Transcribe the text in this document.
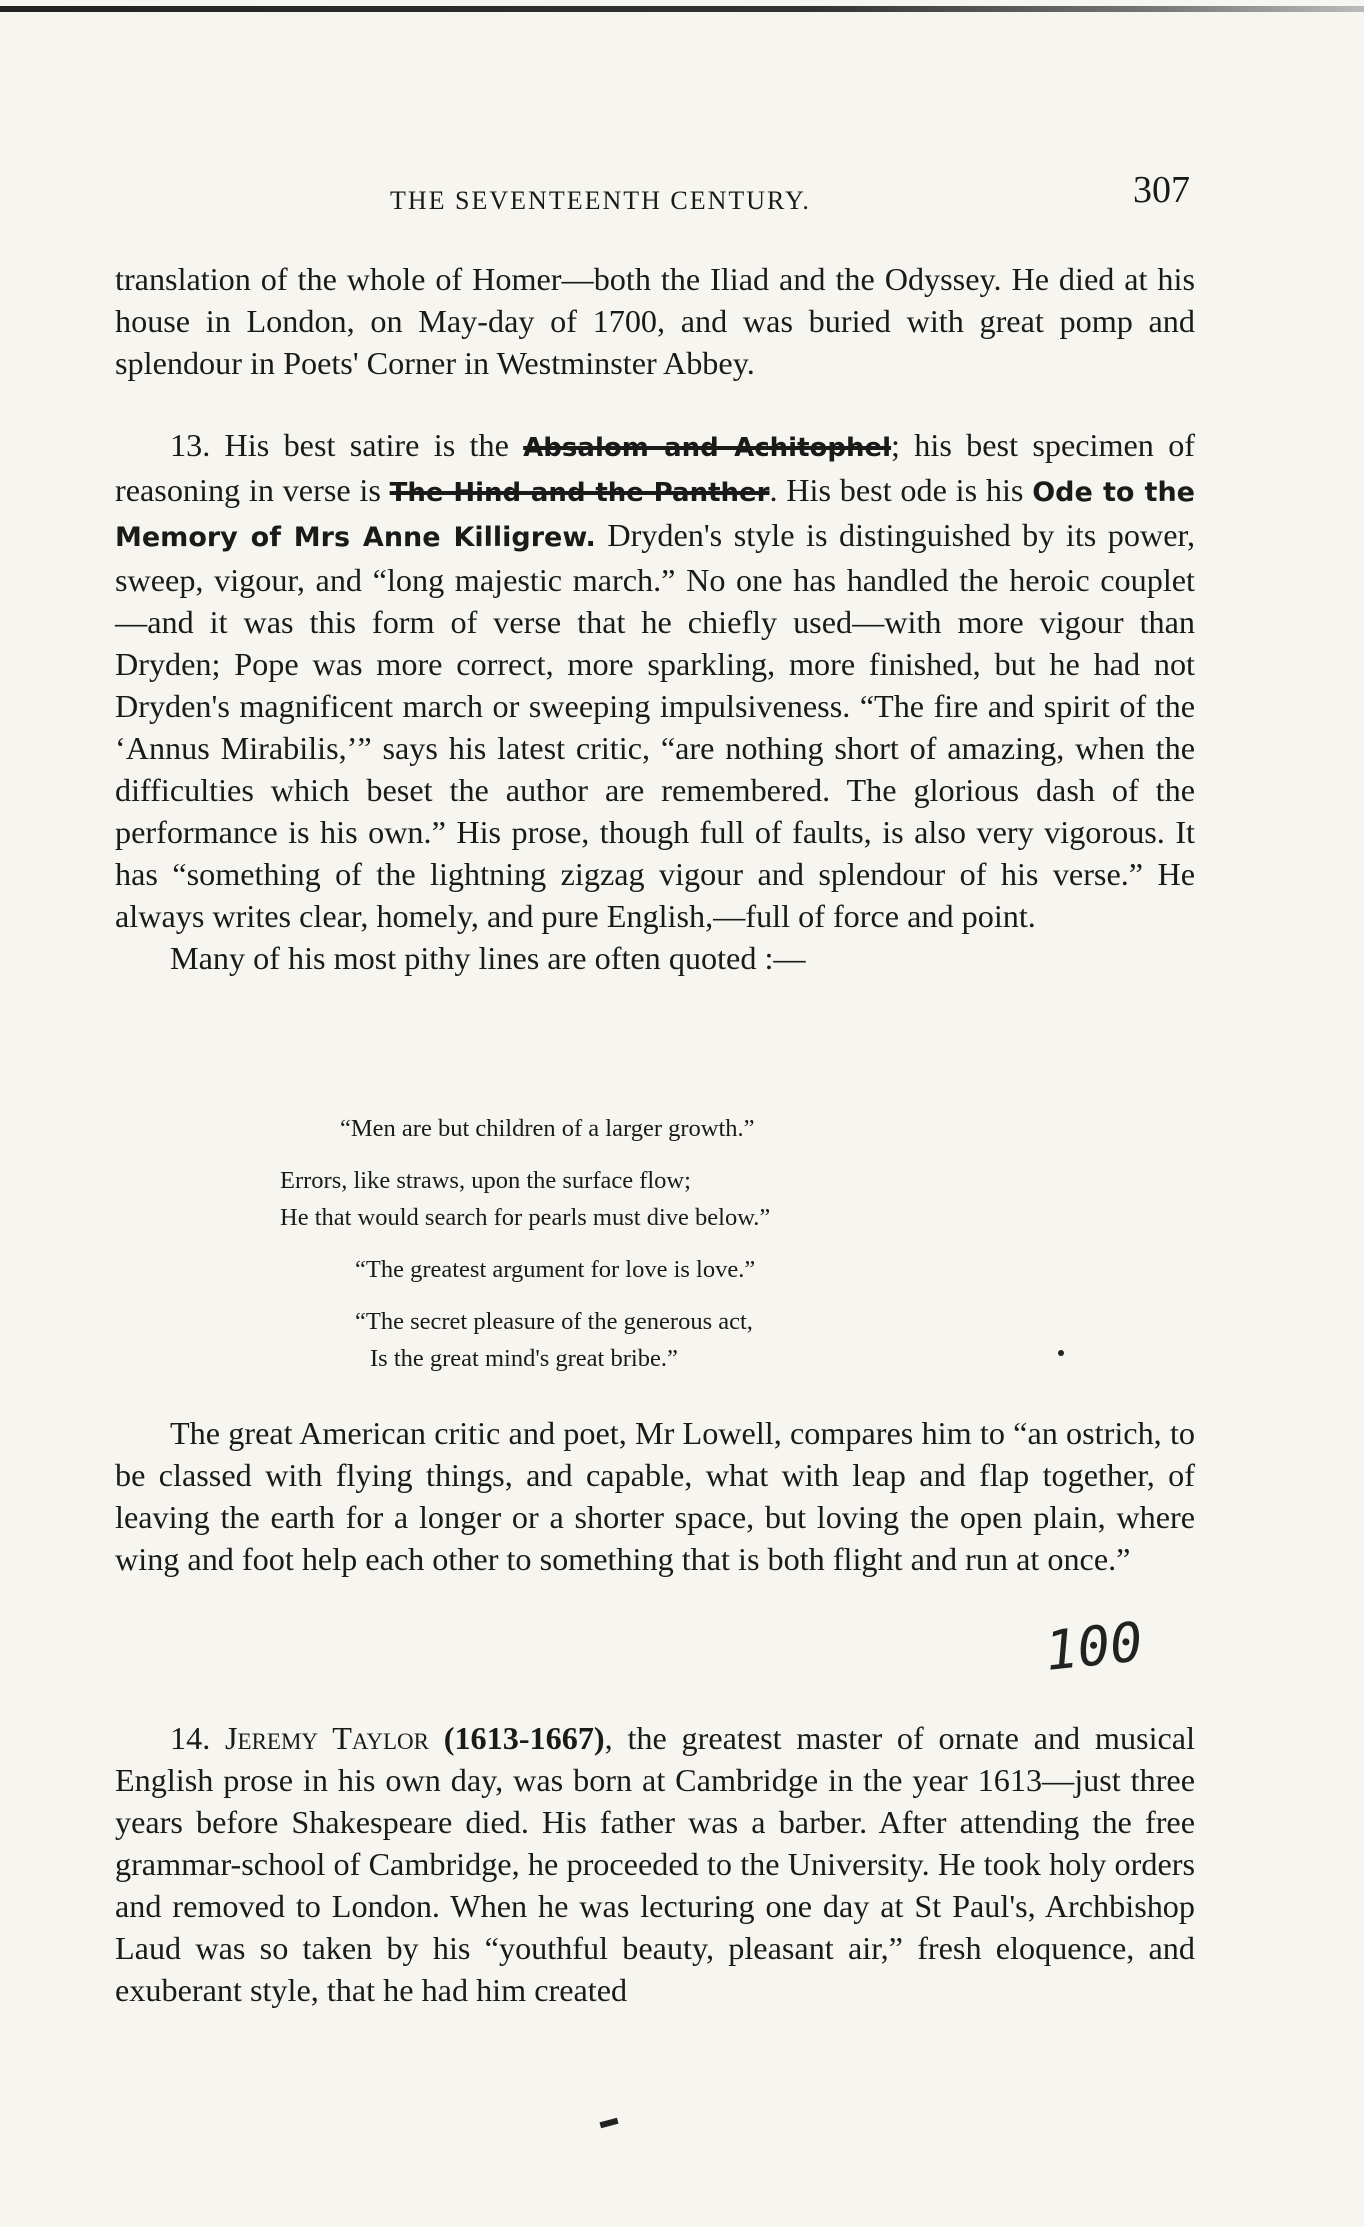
THE SEVENTEENTH CENTURY.	307

translation of the whole of Homer—both the Iliad and the Odyssey. He died at his house in London, on May-day of 1700, and was buried with great pomp and splendour in Poets' Corner in Westminster Abbey.

13. His best satire is the Absalom and Achitophel; his best specimen of reasoning in verse is The Hind and the Panther. His best ode is his Ode to the Memory of Mrs Anne Killigrew. Dryden's style is distinguished by its power, sweep, vigour, and “long majestic march.” No one has handled the heroic couplet—and it was this form of verse that he chiefly used—with more vigour than Dryden; Pope was more correct, more sparkling, more finished, but he had not Dryden's magnificent march or sweeping impulsiveness. “The fire and spirit of the ‘Annus Mirabilis,’” says his latest critic, “are nothing short of amazing, when the difficulties which beset the author are remembered. The glorious dash of the performance is his own.” His prose, though full of faults, is also very vigorous. It has “something of the lightning zigzag vigour and splendour of his verse.” He always writes clear, homely, and pure English,—full of force and point.

Many of his most pithy lines are often quoted :—

“Men are but children of a larger growth.”
Errors, like straws, upon the surface flow;
He that would search for pearls must dive below.”
“The greatest argument for love is love.”
“The secret pleasure of the generous act,
Is the great mind's great bribe.”

The great American critic and poet, Mr Lowell, compares him to “an ostrich, to be classed with flying things, and capable, what with leap and flap together, of leaving the earth for a longer or a shorter space, but loving the open plain, where wing and foot help each other to something that is both flight and run at once.”

100

14. Jeremy Taylor (1613-1667), the greatest master of ornate and musical English prose in his own day, was born at Cambridge in the year 1613—just three years before Shakespeare died. His father was a barber. After attending the free grammar-school of Cambridge, he proceeded to the University. He took holy orders and removed to London. When he was lecturing one day at St Paul's, Archbishop Laud was so taken by his “youthful beauty, pleasant air,” fresh eloquence, and exuberant style, that he had him created
